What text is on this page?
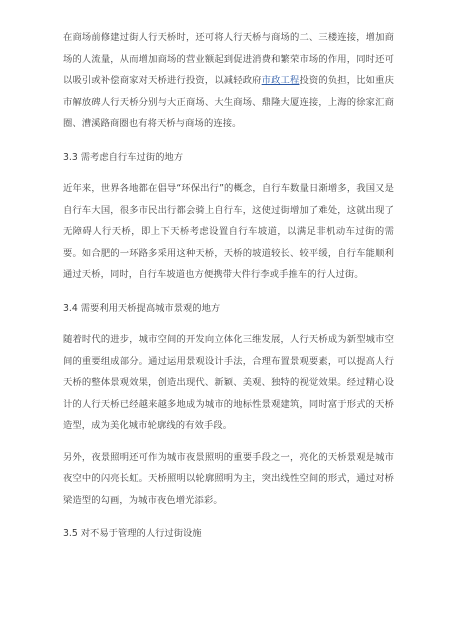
在商场前修建过街人行天桥时，还可将人行天桥与商场的二、三楼连接，增加商场的人流量，从而增加商场的营业额起到促进消费和繁荣市场的作用，同时还可以吸引或补偿商家对天桥进行投资，以减轻政府市政工程投资的负担，比如重庆市解放碑人行天桥分别与大正商场、大生商场、鼎隆大厦连接，上海的徐家汇商圈、漕溪路商圈也有将天桥与商场的连接。

3.3 需考虑自行车过街的地方

近年来，世界各地都在倡导“环保出行”的概念，自行车数量日渐增多，我国又是自行车大国，很多市民出行都会骑上自行车，这使过街增加了难处，这就出现了无障碍人行天桥，即上下天桥考虑设置自行车坡道，以满足非机动车过街的需要。如合肥的一环路多采用这种天桥，天桥的坡道较长、较平缓，自行车能顺利通过天桥，同时，自行车坡道也方便携带大件行李或手推车的行人过街。

3.4 需要利用天桥提高城市景观的地方

随着时代的进步，城市空间的开发向立体化三维发展，人行天桥成为新型城市空间的重要组成部分。通过运用景观设计手法，合理布置景观要素，可以提高人行天桥的整体景观效果，创造出现代、新颖、美观、独特的视觉效果。经过精心设计的人行天桥已经越来越多地成为城市的地标性景观建筑，同时富于形式的天桥造型，成为美化城市轮廓线的有效手段。

另外，夜景照明还可作为城市夜景照明的重要手段之一，亮化的天桥景观是城市夜空中的闪亮长虹。天桥照明以轮廓照明为主，突出线性空间的形式，通过对桥梁造型的勾画，为城市夜色增光添彩。

3.5 对不易于管理的人行过街设施
